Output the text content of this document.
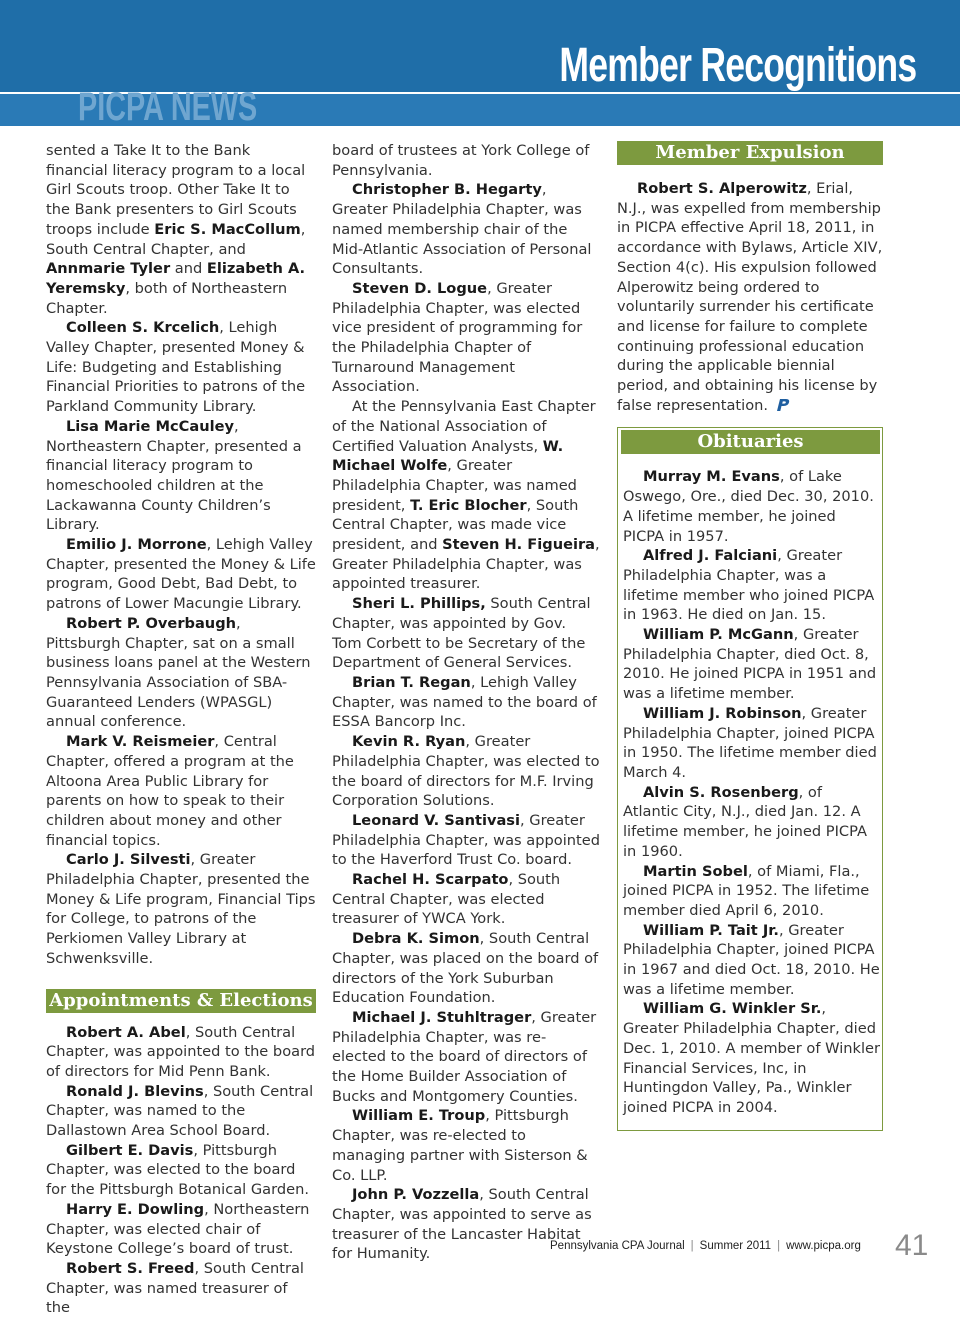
PICPA NEWS
Member Recognitions

sented a Take It to the Bank financial literacy program to a local Girl Scouts troop. Other Take It to the Bank presenters to Girl Scouts troops include Eric S. MacCollum, South Central Chapter, and Annmarie Tyler and Elizabeth A. Yeremsky, both of Northeastern Chapter.

Colleen S. Krcelich, Lehigh Valley Chapter, presented Money & Life: Budgeting and Establishing Financial Priorities to patrons of the Parkland Community Library.

Lisa Marie McCauley, Northeastern Chapter, presented a financial literacy program to homeschooled children at the Lackawanna County Children’s Library.

Emilio J. Morrone, Lehigh Valley Chapter, presented the Money & Life program, Good Debt, Bad Debt, to patrons of Lower Macungie Library.

Robert P. Overbaugh, Pittsburgh Chapter, sat on a small business loans panel at the Western Pennsylvania Association of SBA-Guaranteed Lenders (WPASGL) annual conference.

Mark V. Reismeier, Central Chapter, offered a program at the Altoona Area Public Library for parents on how to speak to their children about money and other financial topics.

Carlo J. Silvesti, Greater Philadelphia Chapter, presented the Money & Life program, Financial Tips for College, to patrons of the Perkiomen Valley Library at Schwenksville.

Appointments & Elections

Robert A. Abel, South Central Chapter, was appointed to the board of directors for Mid Penn Bank.

Ronald J. Blevins, South Central Chapter, was named to the Dallastown Area School Board.

Gilbert E. Davis, Pittsburgh Chapter, was elected to the board for the Pittsburgh Botanical Garden.

Harry E. Dowling, Northeastern Chapter, was elected chair of Keystone College’s board of trust.

Robert S. Freed, South Central Chapter, was named treasurer of the

board of trustees at York College of Pennsylvania.

Christopher B. Hegarty, Greater Philadelphia Chapter, was named membership chair of the Mid-Atlantic Association of Personal Consultants.

Steven D. Logue, Greater Philadelphia Chapter, was elected vice president of programming for the Philadelphia Chapter of Turnaround Management Association.

At the Pennsylvania East Chapter of the National Association of Certified Valuation Analysts, W. Michael Wolfe, Greater Philadelphia Chapter, was named president, T. Eric Blocher, South Central Chapter, was made vice president, and Steven H. Figueira, Greater Philadelphia Chapter, was appointed treasurer.

Sheri L. Phillips, South Central Chapter, was appointed by Gov. Tom Corbett to be Secretary of the Department of General Services.

Brian T. Regan, Lehigh Valley Chapter, was named to the board of ESSA Bancorp Inc.

Kevin R. Ryan, Greater Philadelphia Chapter, was elected to the board of directors for M.F. Irving Corporation Solutions.

Leonard V. Santivasi, Greater Philadelphia Chapter, was appointed to the Haverford Trust Co. board.

Rachel H. Scarpato, South Central Chapter, was elected treasurer of YWCA York.

Debra K. Simon, South Central Chapter, was placed on the board of directors of the York Suburban Education Foundation.

Michael J. Stuhltrager, Greater Philadelphia Chapter, was re-elected to the board of directors of the Home Builder Association of Bucks and Montgomery Counties.

William E. Troup, Pittsburgh Chapter, was re-elected to managing partner with Sisterson & Co. LLP.

John P. Vozzella, South Central Chapter, was appointed to serve as treasurer of the Lancaster Habitat for Humanity.

Member Expulsion

Robert S. Alperowitz, Erial, N.J., was expelled from membership in PICPA effective April 18, 2011, in accordance with Bylaws, Article XIV, Section 4(c). His expulsion followed Alperowitz being ordered to voluntarily surrender his certificate and license for failure to complete continuing professional education during the applicable biennial period, and obtaining his license by false representation.

Obituaries

Murray M. Evans, of Lake Oswego, Ore., died Dec. 30, 2010. A lifetime member, he joined PICPA in 1957.

Alfred J. Falciani, Greater Philadelphia Chapter, was a lifetime member who joined PICPA in 1963. He died on Jan. 15.

William P. McGann, Greater Philadelphia Chapter, died Oct. 8, 2010. He joined PICPA in 1951 and was a lifetime member.

William J. Robinson, Greater Philadelphia Chapter, joined PICPA in 1950. The lifetime member died March 4.

Alvin S. Rosenberg, of Atlantic City, N.J., died Jan. 12. A lifetime member, he joined PICPA in 1960.

Martin Sobel, of Miami, Fla., joined PICPA in 1952. The lifetime member died April 6, 2010.

William P. Tait Jr., Greater Philadelphia Chapter, joined PICPA in 1967 and died Oct. 18, 2010. He was a lifetime member.

William G. Winkler Sr., Greater Philadelphia Chapter, died Dec. 1, 2010. A member of Winkler Financial Services, Inc, in Huntingdon Valley, Pa., Winkler joined PICPA in 2004.

Pennsylvania CPA Journal | Summer 2011 | www.picpa.org 41
